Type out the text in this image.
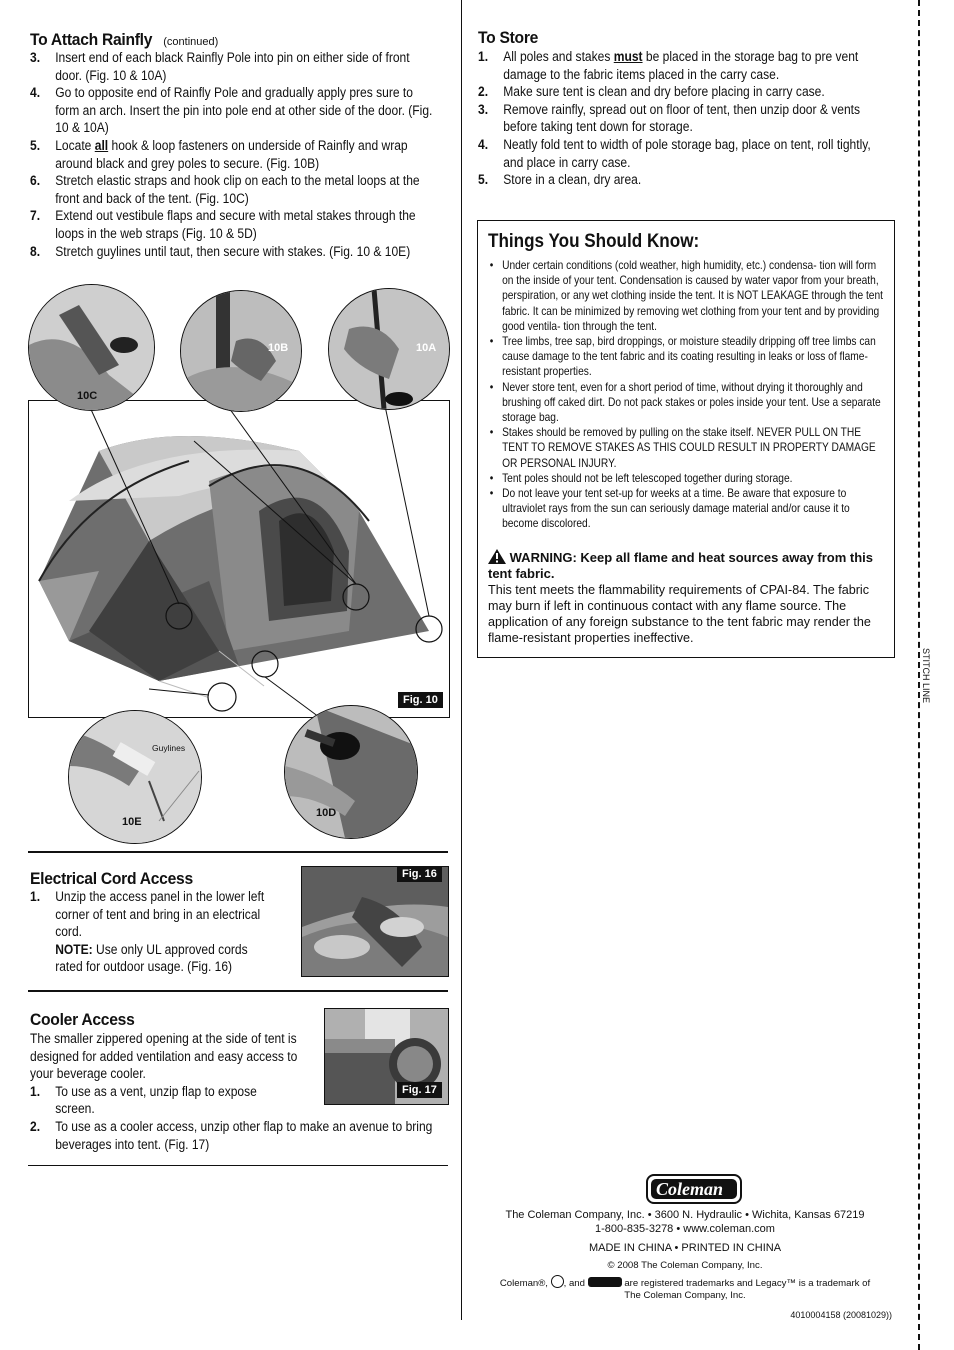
To Attach Rainfly (continued)
3. Insert end of each black Rainfly Pole into pin on either side of front door. (Fig. 10 & 10A)
4. Go to opposite end of Rainfly Pole and gradually apply pres sure to form an arch. Insert the pin into pole end at other side of the door. (Fig. 10 & 10A)
5. Locate all hook & loop fasteners on underside of Rainfly and wrap around black and grey poles to secure. (Fig. 10B)
6. Stretch elastic straps and hook clip on each to the metal loops at the front and back of the tent. (Fig. 10C)
7. Extend out vestibule flaps and secure with metal stakes through the loops in the web straps (Fig. 10 & 5D)
8. Stretch guylines until taut, then secure with stakes. (Fig. 10 & 10E)
Fig. 10
10C
10B	10A
Guylines
10E
10D
Electrical Cord Access
1. Unzip the access panel in the lower left corner of tent and bring in an electrical cord.
NOTE: Use only UL approved cords rated for outdoor usage. (Fig. 16)
Fig. 16
Cooler Access
The smaller zippered opening at the side of tent is designed for added ventilation and easy access to your beverage cooler.
1. To use as a vent, unzip flap to expose screen.
2. To use as a cooler access, unzip other flap to make an avenue to bring beverages into tent. (Fig. 17)
Fig. 17
To Store
1. All poles and stakes must be placed in the storage bag to pre vent damage to the fabric items placed in the carry case.
2. Make sure tent is clean and dry before placing in carry case.
3. Remove rainfly, spread out on floor of tent, then unzip door & vents before taking tent down for storage.
4. Neatly fold tent to width of pole storage bag, place on tent, roll tightly, and place in carry case.
5. Store in a clean, dry area.
Things You Should Know:
• Under certain conditions (cold weather, high humidity, etc.) condensa- tion will form on the inside of your tent. Condensation is caused by water vapor from your breath, perspiration, or any wet clothing inside the tent. It is NOT LEAKAGE through the tent fabric. It can be minimized by removing wet clothing from your tent and by providing good ventila- tion through the tent.
• Tree limbs, tree sap, bird droppings, or moisture steadily dripping off tree limbs can cause damage to the tent fabric and its coating resulting in leaks or loss of flame-resistant properties.
• Never store tent, even for a short period of time, without drying it thoroughly and brushing off caked dirt. Do not pack stakes or poles inside your tent. Use a separate storage bag.
• Stakes should be removed by pulling on the stake itself. NEVER PULL ON THE TENT TO REMOVE STAKES AS THIS COULD RESULT IN PROPERTY DAMAGE OR PERSONAL INJURY.
• Tent poles should not be left telescoped together during storage.
• Do not leave your tent set-up for weeks at a time. Be aware that exposure to ultraviolet rays from the sun can seriously damage material and/or cause it to become discolored.
WARNING: Keep all flame and heat sources away from this tent fabric.
This tent meets the flammability requirements of CPAI-84. The fabric may burn if left in continuous contact with any flame source. The application of any foreign substance to the tent fabric may render the flame-resistant properties ineffective.
STITCH LINE
Coleman
The Coleman Company, Inc. • 3600 N. Hydraulic • Wichita, Kansas 67219
1-800-835-3278 • www.coleman.com
MADE IN CHINA • PRINTED IN CHINA
© 2008 The Coleman Company, Inc.
Coleman®, , and	are registered trademarks and Legacy™ is a trademark of
The Coleman Company, Inc.
4010004158 (20081029))
